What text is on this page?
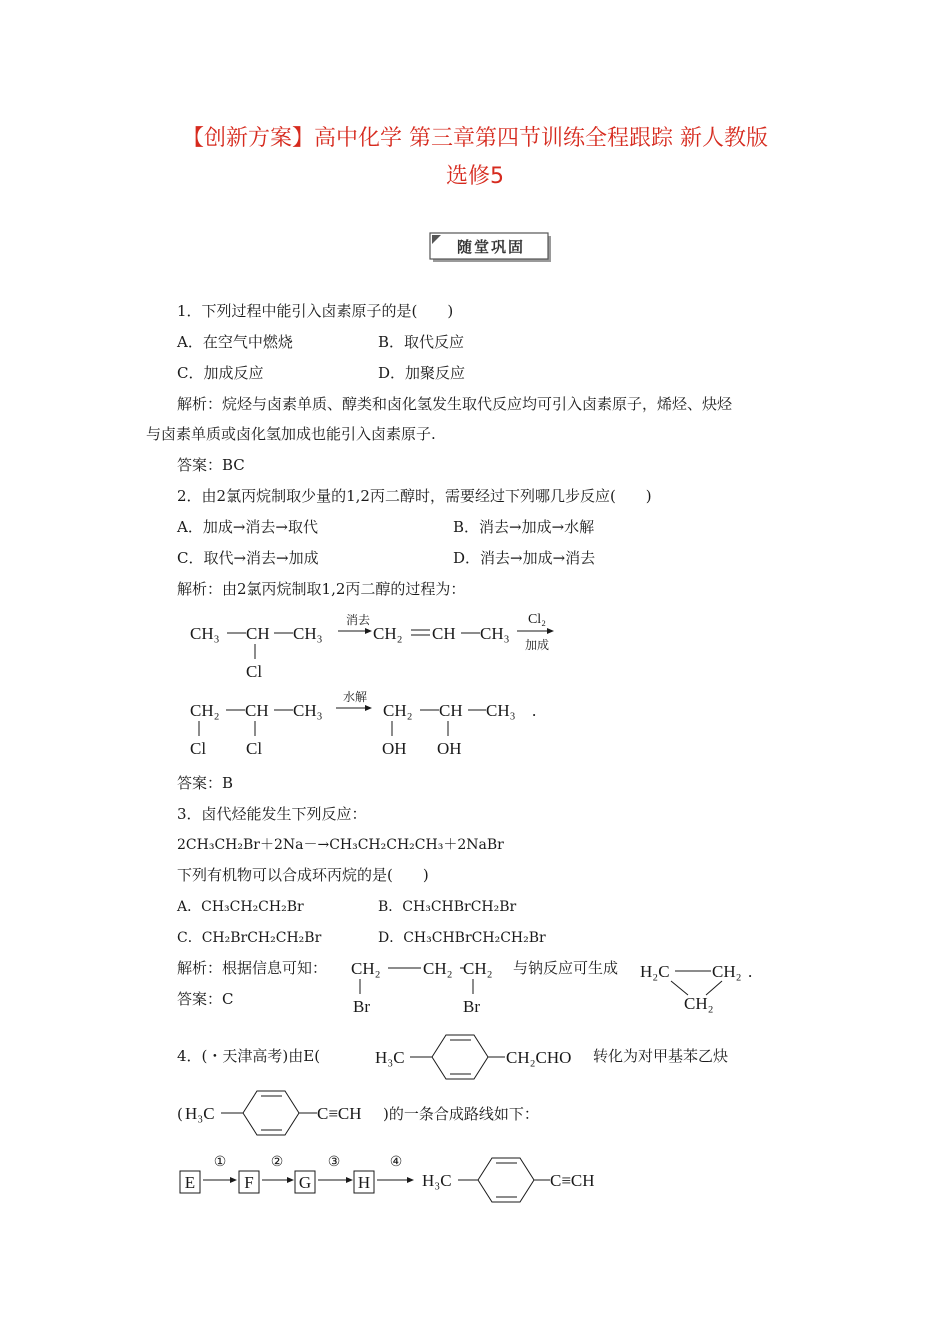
【创新方案】高中化学 第三章第四节训练全程跟踪 新人教版
选修5
随堂巩固
1．下列过程中能引入卤素原子的是(　　)
A．在空气中燃烧	B．取代反应
C．加成反应	D．加聚反应
解析：烷烃与卤素单质、醇类和卤化氢发生取代反应均可引入卤素原子，烯烃、炔烃
与卤素单质或卤化氢加成也能引入卤素原子.
答案：BC
2．由2氯丙烷制取少量的1,2丙二醇时，需要经过下列哪几步反应(　　)
A．加成→消去→取代	B．消去→加成→水解
C．取代→消去→加成	D．消去→加成→消去
解析：由2氯丙烷制取1,2丙二醇的过程为：
CH₃ CH CH₃
Cl
消去
CH₂ CH CH₃
Cl₂
加成
CH₂ CH CH₃
Cl Cl
水解
CH₂ CH CH₃
OH OH
.
答案：B
3．卤代烃能发生下列反应：
2CH₃CH₂Br＋2Na－→CH₃CH₂CH₂CH₃＋2NaBr
下列有机物可以合成环丙烷的是(　　)
A．CH₃CH₂CH₂Br	B．CH₃CHBrCH₂Br
C．CH₂BrCH₂CH₂Br	D．CH₃CHBrCH₂CH₂Br
解析：根据信息可知：
答案：C
CH₂ CH₂ CH₂
Br	Br
与钠反应可生成 H₂C CH₂ .
CH₂
4．(・天津高考)由E(	H₃C	CH₂CHO 转化为对甲基苯乙炔
( H₃C	C≡CH )的一条合成路线如下：
E
①
F
②
G
③
H
④
H₃C	C≡CH
